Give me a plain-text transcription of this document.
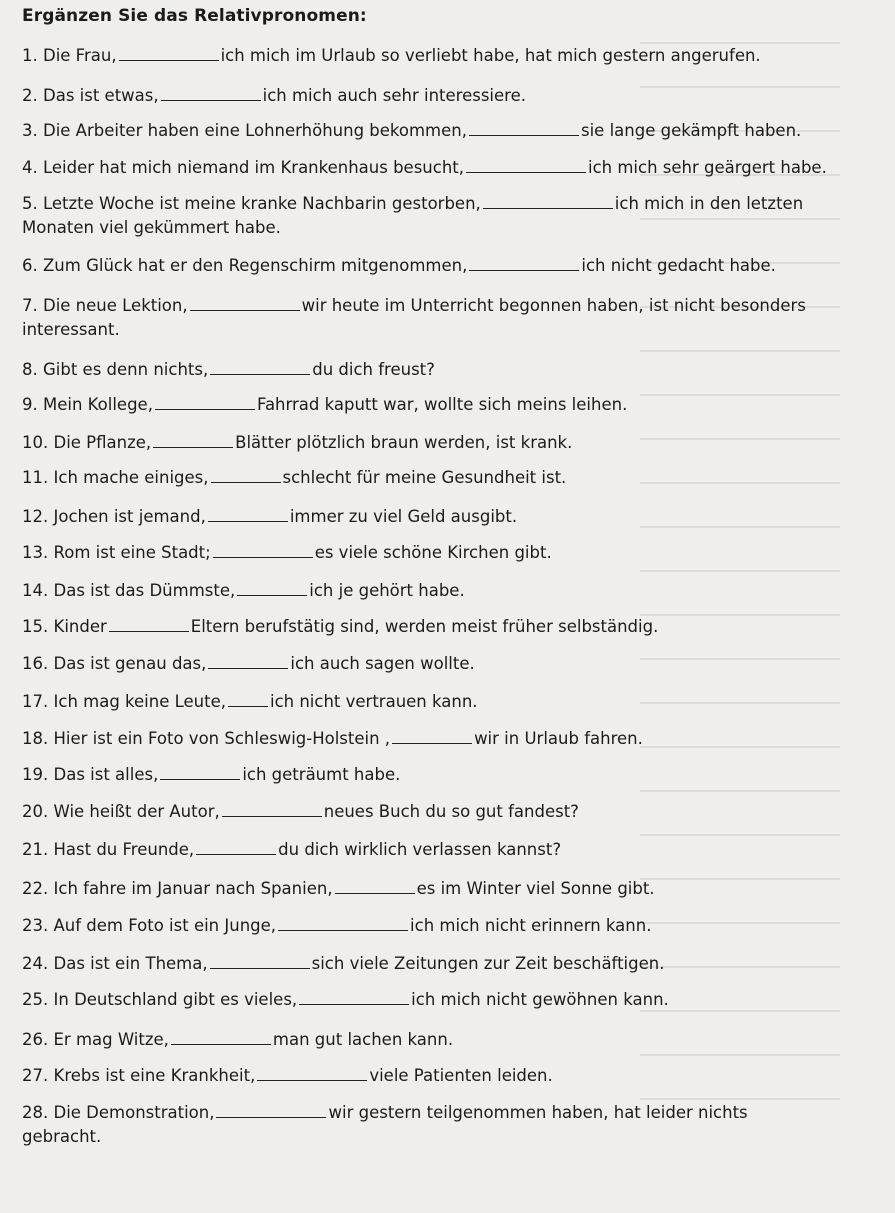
Ergänzen Sie das Relativpronomen:
1. Die Frau,	ich mich im Urlaub so verliebt habe, hat mich gestern angerufen.
2. Das ist etwas,	ich mich auch sehr interessiere.
3. Die Arbeiter haben eine Lohnerhöhung bekommen,	sie lange gekämpft haben.
4. Leider hat mich niemand im Krankenhaus besucht,	ich mich sehr geärgert habe.
5. Letzte Woche ist meine kranke Nachbarin gestorben,	ich mich in den letzten
Monaten viel gekümmert habe.
6. Zum Glück hat er den Regenschirm mitgenommen,	ich nicht gedacht habe.
7. Die neue Lektion,	wir heute im Unterricht begonnen haben, ist nicht besonders
interessant.
8. Gibt es denn nichts,	du dich freust?
9. Mein Kollege,	Fahrrad kaputt war, wollte sich meins leihen.
10. Die Pflanze,	Blätter plötzlich braun werden, ist krank.
11. Ich mache einiges,	schlecht für meine Gesundheit ist.
12. Jochen ist jemand,	immer zu viel Geld ausgibt.
13. Rom ist eine Stadt;	es viele schöne Kirchen gibt.
14. Das ist das Dümmste,	ich je gehört habe.
15. Kinder	Eltern berufstätig sind, werden meist früher selbständig.
16. Das ist genau das,	ich auch sagen wollte.
17. Ich mag keine Leute,	ich nicht vertrauen kann.
18. Hier ist ein Foto von Schleswig-Holstein ,	wir in Urlaub fahren.
19. Das ist alles,	ich geträumt habe.
20. Wie heißt der Autor,	neues Buch du so gut fandest?
21. Hast du Freunde,	du dich wirklich verlassen kannst?
22. Ich fahre im Januar nach Spanien,	es im Winter viel Sonne gibt.
23. Auf dem Foto ist ein Junge,	ich mich nicht erinnern kann.
24. Das ist ein Thema,	sich viele Zeitungen zur Zeit beschäftigen.
25. In Deutschland gibt es vieles,	ich mich nicht gewöhnen kann.
26. Er mag Witze,	man gut lachen kann.
27. Krebs ist eine Krankheit,	viele Patienten leiden.
28. Die Demonstration,	wir gestern teilgenommen haben, hat leider nichts
gebracht.
